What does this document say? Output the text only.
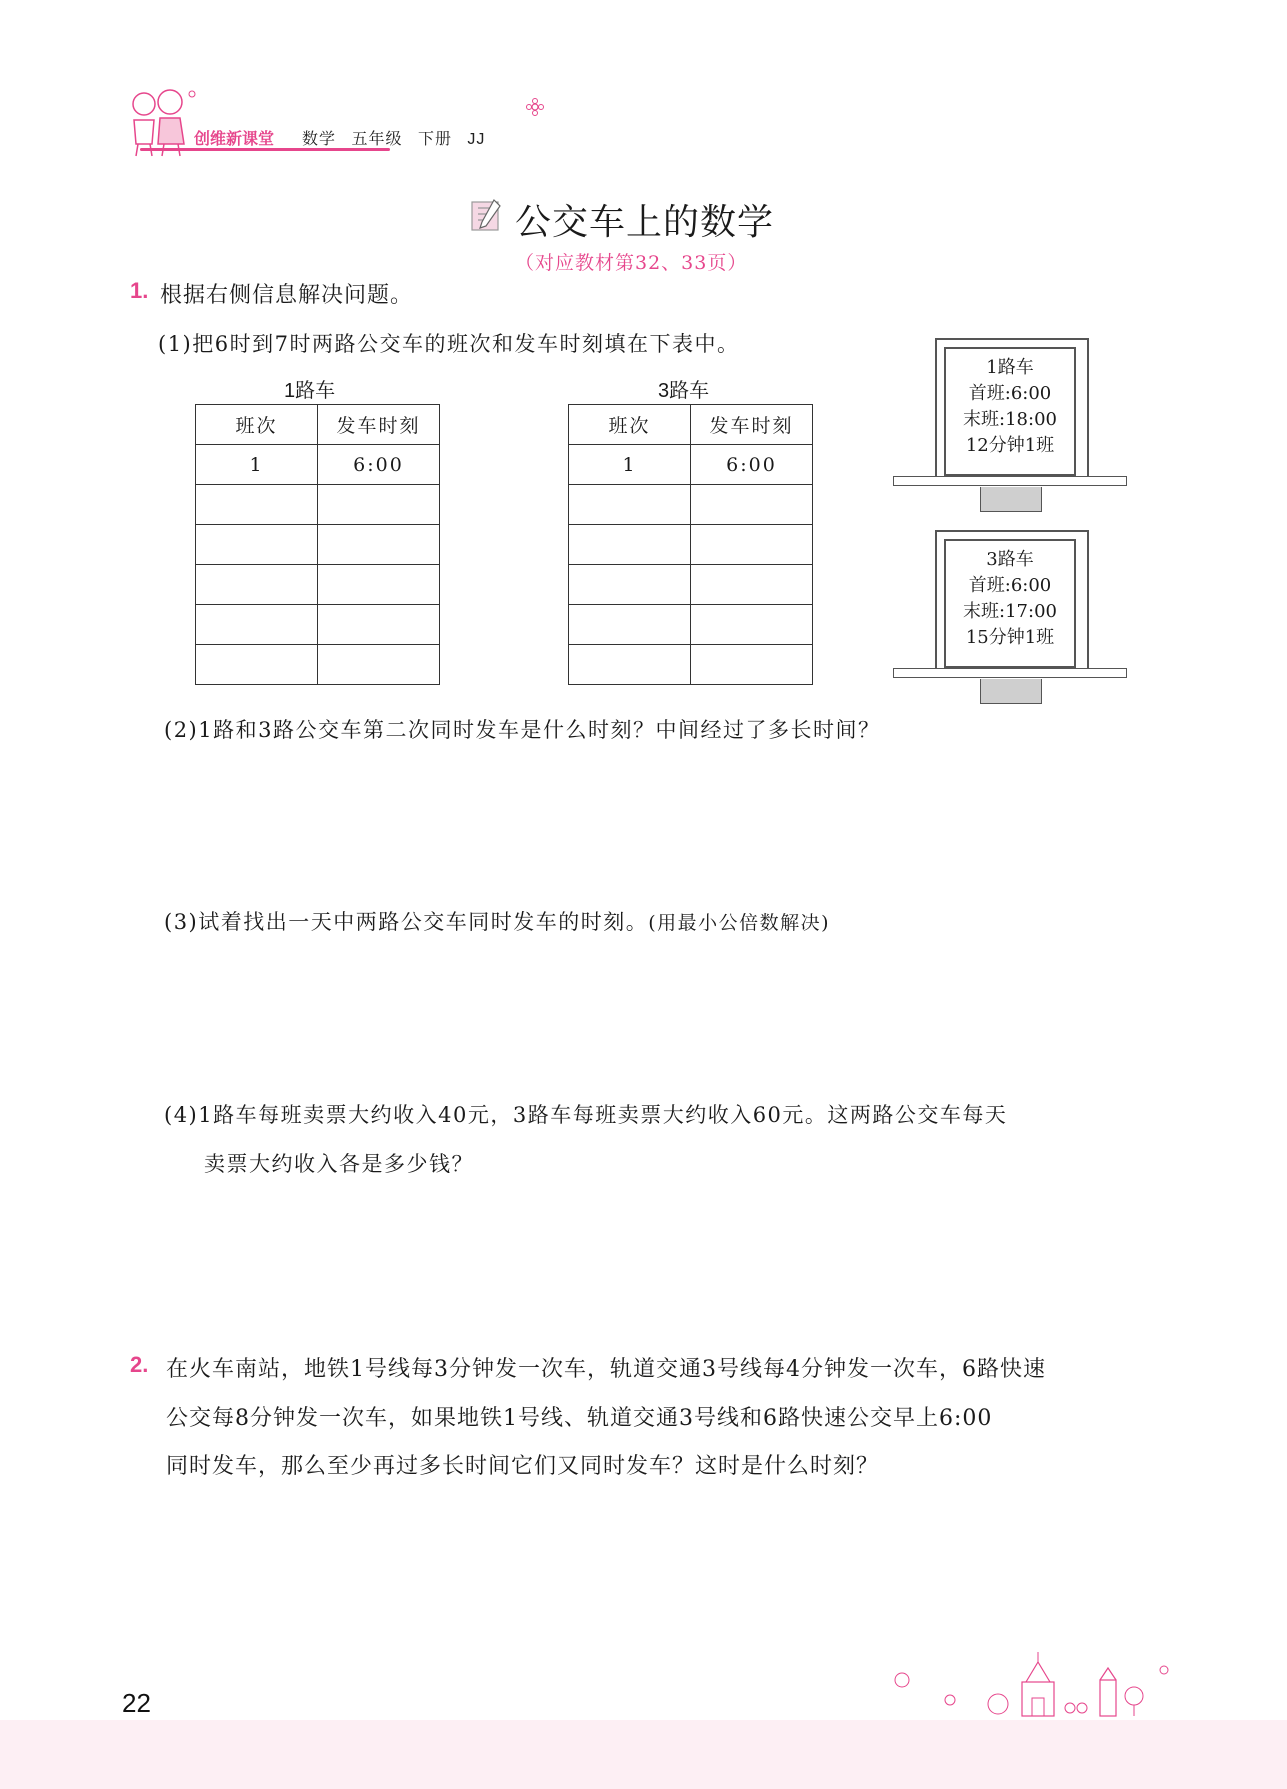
创维新课堂 数学 五年级 下册 JJ
公交车上的数学
（对应教材第32、33页）
1. 根据右侧信息解决问题。
(1)把6时到7时两路公交车的班次和发车时刻填在下表中。
1路车
班次	发车时刻
1	6:00

3路车
班次	发车时刻
1	6:00

1路车
首班:6:00
末班:18:00
12分钟1班
3路车
首班:6:00
末班:17:00
15分钟1班
(2)1路和3路公交车第二次同时发车是什么时刻？中间经过了多长时间？
(3)试着找出一天中两路公交车同时发车的时刻。(用最小公倍数解决)
(4)1路车每班卖票大约收入40元，3路车每班卖票大约收入60元。这两路公交车每天
卖票大约收入各是多少钱？
2. 在火车南站，地铁1号线每3分钟发一次车，轨道交通3号线每4分钟发一次车，6路快速
公交每8分钟发一次车，如果地铁1号线、轨道交通3号线和6路快速公交早上6:00
同时发车，那么至少再过多长时间它们又同时发车？这时是什么时刻？
22
